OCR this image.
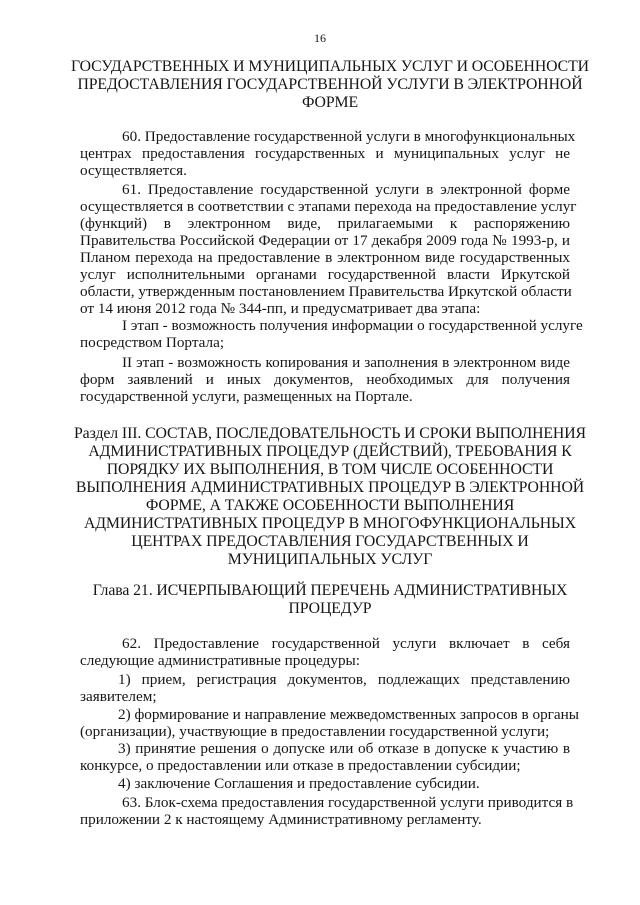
16
ГОСУДАРСТВЕННЫХ И МУНИЦИПАЛЬНЫХ УСЛУГ И ОСОБЕННОСТИ
ПРЕДОСТАВЛЕНИЯ ГОСУДАРСТВЕННОЙ УСЛУГИ В ЭЛЕКТРОННОЙ
ФОРМЕ
60. Предоставление государственной услуги в многофункциональных
центрах предоставления государственных и муниципальных услуг не
осуществляется.
61. Предоставление государственной услуги в электронной форме
осуществляется в соответствии с этапами перехода на предоставление услуг
(функций) в электронном виде, прилагаемыми к распоряжению
Правительства Российской Федерации от 17 декабря 2009 года № 1993-р, и
Планом перехода на предоставление в электронном виде государственных
услуг исполнительными органами государственной власти Иркутской
области, утвержденным постановлением Правительства Иркутской области
от 14 июня 2012 года № 344-пп, и предусматривает два этапа:
I этап - возможность получения информации о государственной услуге
посредством Портала;
II этап - возможность копирования и заполнения в электронном виде
форм заявлений и иных документов, необходимых для получения
государственной услуги, размещенных на Портале.
Раздел III. СОСТАВ, ПОСЛЕДОВАТЕЛЬНОСТЬ И СРОКИ ВЫПОЛНЕНИЯ
АДМИНИСТРАТИВНЫХ ПРОЦЕДУР (ДЕЙСТВИЙ), ТРЕБОВАНИЯ К
ПОРЯДКУ ИХ ВЫПОЛНЕНИЯ, В ТОМ ЧИСЛЕ ОСОБЕННОСТИ
ВЫПОЛНЕНИЯ АДМИНИСТРАТИВНЫХ ПРОЦЕДУР В ЭЛЕКТРОННОЙ
ФОРМЕ, А ТАКЖЕ ОСОБЕННОСТИ ВЫПОЛНЕНИЯ
АДМИНИСТРАТИВНЫХ ПРОЦЕДУР В МНОГОФУНКЦИОНАЛЬНЫХ
ЦЕНТРАХ ПРЕДОСТАВЛЕНИЯ ГОСУДАРСТВЕННЫХ И
МУНИЦИПАЛЬНЫХ УСЛУГ
Глава 21. ИСЧЕРПЫВАЮЩИЙ ПЕРЕЧЕНЬ АДМИНИСТРАТИВНЫХ
ПРОЦЕДУР
62. Предоставление государственной услуги включает в себя
следующие административные процедуры:
1) прием, регистрация документов, подлежащих представлению
заявителем;
2) формирование и направление межведомственных запросов в органы
(организации), участвующие в предоставлении государственной услуги;
3) принятие решения о допуске или об отказе в допуске к участию в
конкурсе, о предоставлении или отказе в предоставлении субсидии;
4) заключение Соглашения и предоставление субсидии.
63. Блок-схема предоставления государственной услуги приводится в
приложении 2 к настоящему Административному регламенту.
